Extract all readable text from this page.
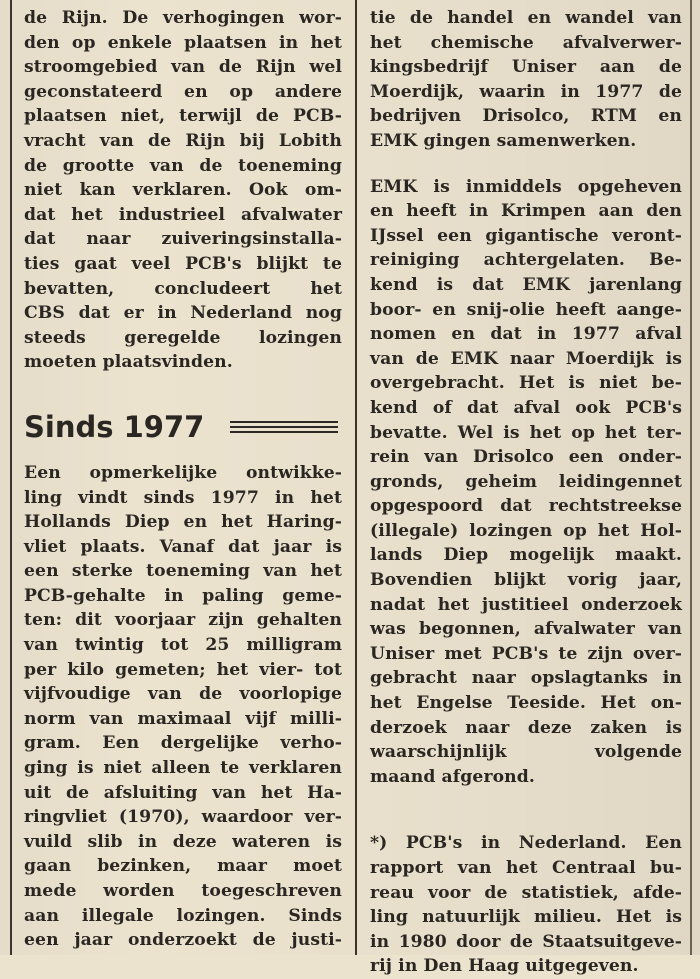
de Rijn. De verhogingen wor-
den op enkele plaatsen in het
stroomgebied van de Rijn wel
geconstateerd en op andere
plaatsen niet, terwijl de PCB-
vracht van de Rijn bij Lobith
de grootte van de toeneming
niet kan verklaren. Ook om-
dat het industrieel afvalwater
dat naar zuiveringsinstalla-
ties gaat veel PCB's blijkt te
bevatten, concludeert het
CBS dat er in Nederland nog
steeds geregelde lozingen
moeten plaatsvinden.
Sinds 1977
Een opmerkelijke ontwikke-
ling vindt sinds 1977 in het
Hollands Diep en het Haring-
vliet plaats. Vanaf dat jaar is
een sterke toeneming van het
PCB-gehalte in paling gemе-
ten: dit voorjaar zijn gehalten
van twintig tot 25 milligram
per kilo gemeten; het vier- tot
vijfvoudige van de voorlopige
norm van maximaal vijf milli-
gram. Een dergelijke verho-
ging is niet alleen te verklaren
uit de afsluiting van het Ha-
ringvliet (1970), waardoor ver-
vuild slib in deze wateren is
gaan bezinken, maar moet
mede worden toegeschreven
aan illegale lozingen. Sinds
een jaar onderzoekt de justi-
tie de handel en wandel van
het chemische afvalverwer-
kingsbedrijf Uniser aan de
Moerdijk, waarin in 1977 de
bedrijven Drisolco, RTM en
EMK gingen samenwerken.
EMK is inmiddels opgeheven
en heeft in Krimpen aan den
IJssel een gigantische veront-
reiniging achtergelaten. Be-
kend is dat EMK jarenlang
boor- en snij-olie heeft aange-
nomen en dat in 1977 afval
van de EMK naar Moerdijk is
overgebracht. Het is niet be-
kend of dat afval ook PCB's
bevatte. Wel is het op het ter-
rein van Drisolco een onder-
gronds, geheim leidingennet
opgespoord dat rechtstreekse
(illegale) lozingen op het Hol-
lands Diep mogelijk maakt.
Bovendien blijkt vorig jaar,
nadat het justitieel onderzoek
was begonnen, afvalwater van
Uniser met PCB's te zijn over-
gebracht naar opslagtanks in
het Engelse Teeside. Het on-
derzoek naar deze zaken is
waarschijnlijk volgende
maand afgerond.
*) PCB's in Nederland. Een
rapport van het Centraal bu-
reau voor de statistiek, afde-
ling natuurlijk milieu. Het is
in 1980 door de Staatsuitgeve-
rij in Den Haag uitgegeven.
